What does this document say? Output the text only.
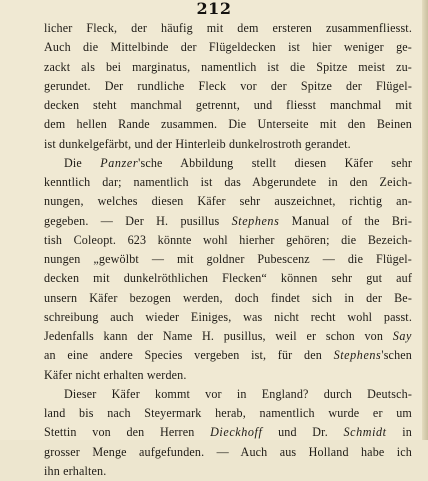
212
licher Fleck, der häufig mit dem ersteren zusammenfliesst.
Auch die Mittelbinde der Flügeldecken ist hier weniger ge-
zackt als bei marginatus, namentlich ist die Spitze meist zu-
gerundet. Der rundliche Fleck vor der Spitze der Flügel-
decken steht manchmal getrennt, und fliesst manchmal mit
dem hellen Rande zusammen. Die Unterseite mit den Beinen
ist dunkelgefärbt, und der Hinterleib dunkelrostroth gerandet.
Die Panzer'sche Abbildung stellt diesen Käfer sehr
kenntlich dar; namentlich ist das Abgerundete in den Zeich-
nungen, welches diesen Käfer sehr auszeichnet, richtig an-
gegeben. — Der H. pusillus Stephens Manual of the Bri-
tish Coleopt. 623 könnte wohl hierher gehören; die Bezeich-
nungen „gewölbt — mit goldner Pubescenz — die Flügel-
decken mit dunkelröthlichen Flecken“ können sehr gut auf
unsern Käfer bezogen werden, doch findet sich in der Be-
schreibung auch wieder Einiges, was nicht recht wohl passt.
Jedenfalls kann der Name H. pusillus, weil er schon von Say
an eine andere Species vergeben ist, für den Stephens'schen
Käfer nicht erhalten werden.
Dieser Käfer kommt vor in England? durch Deutsch-
land bis nach Steyermark herab, namentlich wurde er um
Stettin von den Herren Dieckhoff und Dr. Schmidt in
grosser Menge aufgefunden. — Auch aus Holland habe ich
ihn erhalten.
